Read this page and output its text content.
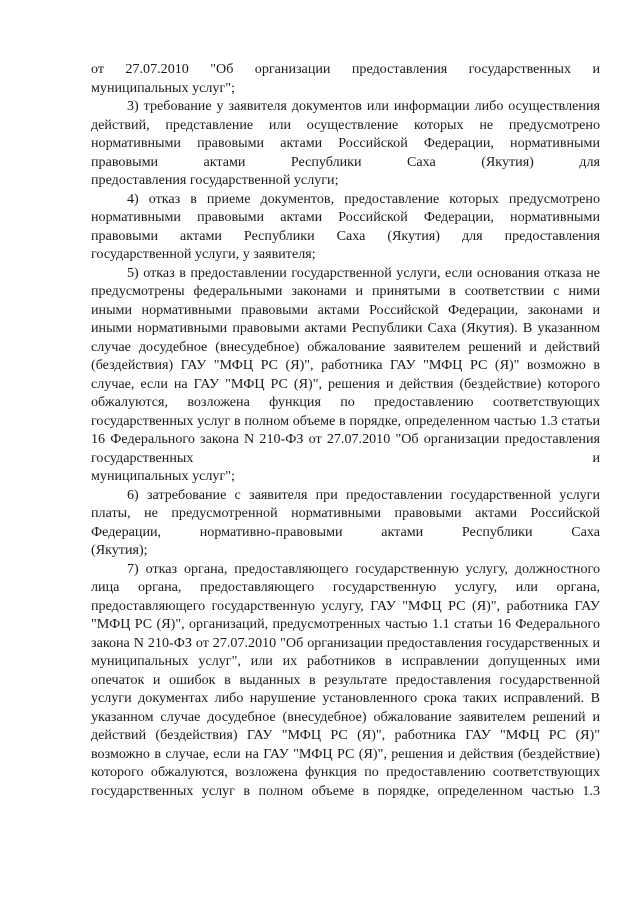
от 27.07.2010 "Об организации предоставления государственных и
муниципальных услуг";

3) требование у заявителя документов или информации либо осуществления действий, представление или осуществление которых не предусмотрено нормативными правовыми актами Российской Федерации, нормативными правовыми актами Республики Саха (Якутия) для
предоставления государственной услуги;

4) отказ в приеме документов, предоставление которых предусмотрено нормативными правовыми актами Российской Федерации, нормативными правовыми актами Республики Саха (Якутия) для предоставления
государственной услуги, у заявителя;

5) отказ в предоставлении государственной услуги, если основания отказа не предусмотрены федеральными законами и принятыми в соответствии с ними иными нормативными правовыми актами Российской Федерации, законами и иными нормативными правовыми актами Республики Саха (Якутия). В указанном случае досудебное (внесудебное) обжалование заявителем решений и действий (бездействия) ГАУ "МФЦ РС (Я)", работника ГАУ "МФЦ РС (Я)" возможно в случае, если на ГАУ "МФЦ РС (Я)", решения и действия (бездействие) которого обжалуются, возложена функция по предоставлению соответствующих государственных услуг в полном объеме в порядке, определенном частью 1.3 статьи 16 Федерального закона N 210-ФЗ от 27.07.2010 "Об организации предоставления государственных и
муниципальных услуг";

6) затребование с заявителя при предоставлении государственной услуги платы, не предусмотренной нормативными правовыми актами Российской Федерации, нормативно-правовыми актами Республики Саха
(Якутия);

7) отказ органа, предоставляющего государственную услугу, должностного лица органа, предоставляющего государственную услугу, или органа, предоставляющего государственную услугу, ГАУ "МФЦ РС (Я)", работника ГАУ "МФЦ РС (Я)", организаций, предусмотренных частью 1.1 статьи 16 Федерального закона N 210-ФЗ от 27.07.2010 "Об организации предоставления государственных и муниципальных услуг", или их работников в исправлении допущенных ими опечаток и ошибок в выданных в результате предоставления государственной услуги документах либо нарушение установленного срока таких исправлений. В указанном случае досудебное (внесудебное) обжалование заявителем решений и действий (бездействия) ГАУ "МФЦ РС (Я)", работника ГАУ "МФЦ РС (Я)" возможно в случае, если на ГАУ "МФЦ РС (Я)", решения и действия (бездействие) которого обжалуются, возложена функция по предоставлению соответствующих государственных услуг в полном объеме в порядке, определенном частью 1.3
